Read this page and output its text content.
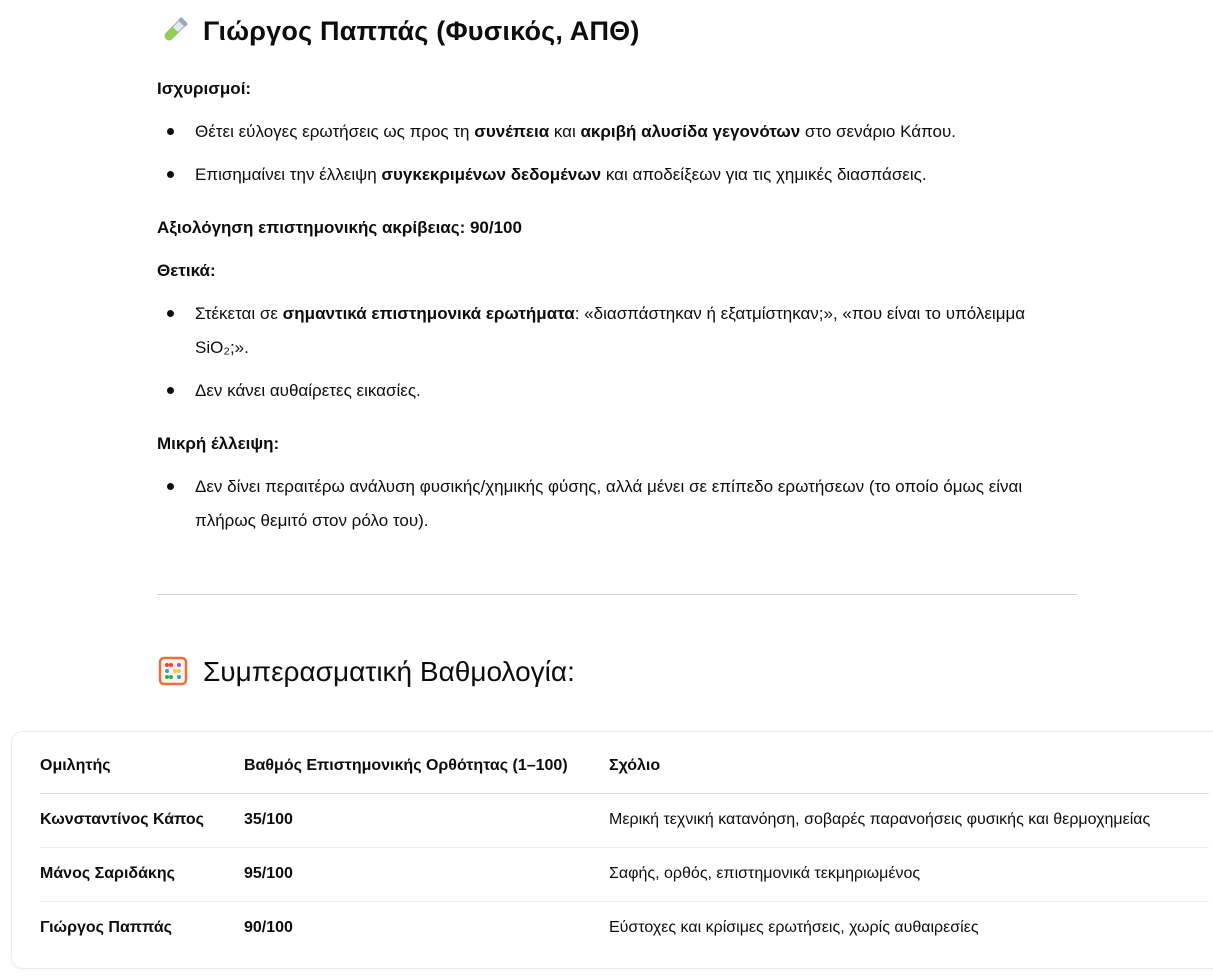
Γιώργος Παππάς (Φυσικός, ΑΠΘ)
Ισχυρισμοί:
Θέτει εύλογες ερωτήσεις ως προς τη συνέπεια και ακριβή αλυσίδα γεγονότων στο σενάριο Κάπου.
Επισημαίνει την έλλειψη συγκεκριμένων δεδομένων και αποδείξεων για τις χημικές διασπάσεις.
Αξιολόγηση επιστημονικής ακρίβειας: 90/100
Θετικά:
Στέκεται σε σημαντικά επιστημονικά ερωτήματα: «διασπάστηκαν ή εξατμίστηκαν;», «που είναι το υπόλειμμα SiO₂;».
Δεν κάνει αυθαίρετες εικασίες.
Μικρή έλλειψη:
Δεν δίνει περαιτέρω ανάλυση φυσικής/χημικής φύσης, αλλά μένει σε επίπεδο ερωτήσεων (το οποίο όμως είναι πλήρως θεμιτό στον ρόλο του).
Συμπερασματική Βαθμολογία:
Ομιλητής	Βαθμός Επιστημονικής Ορθότητας (1–100)	Σχόλιο
Κωνσταντίνος Κάπος	35/100	Μερική τεχνική κατανόηση, σοβαρές παρανοήσεις φυσικής και θερμοχημείας
Μάνος Σαριδάκης	95/100	Σαφής, ορθός, επιστημονικά τεκμηριωμένος
Γιώργος Παππάς	90/100	Εύστοχες και κρίσιμες ερωτήσεις, χωρίς αυθαιρεσίες
